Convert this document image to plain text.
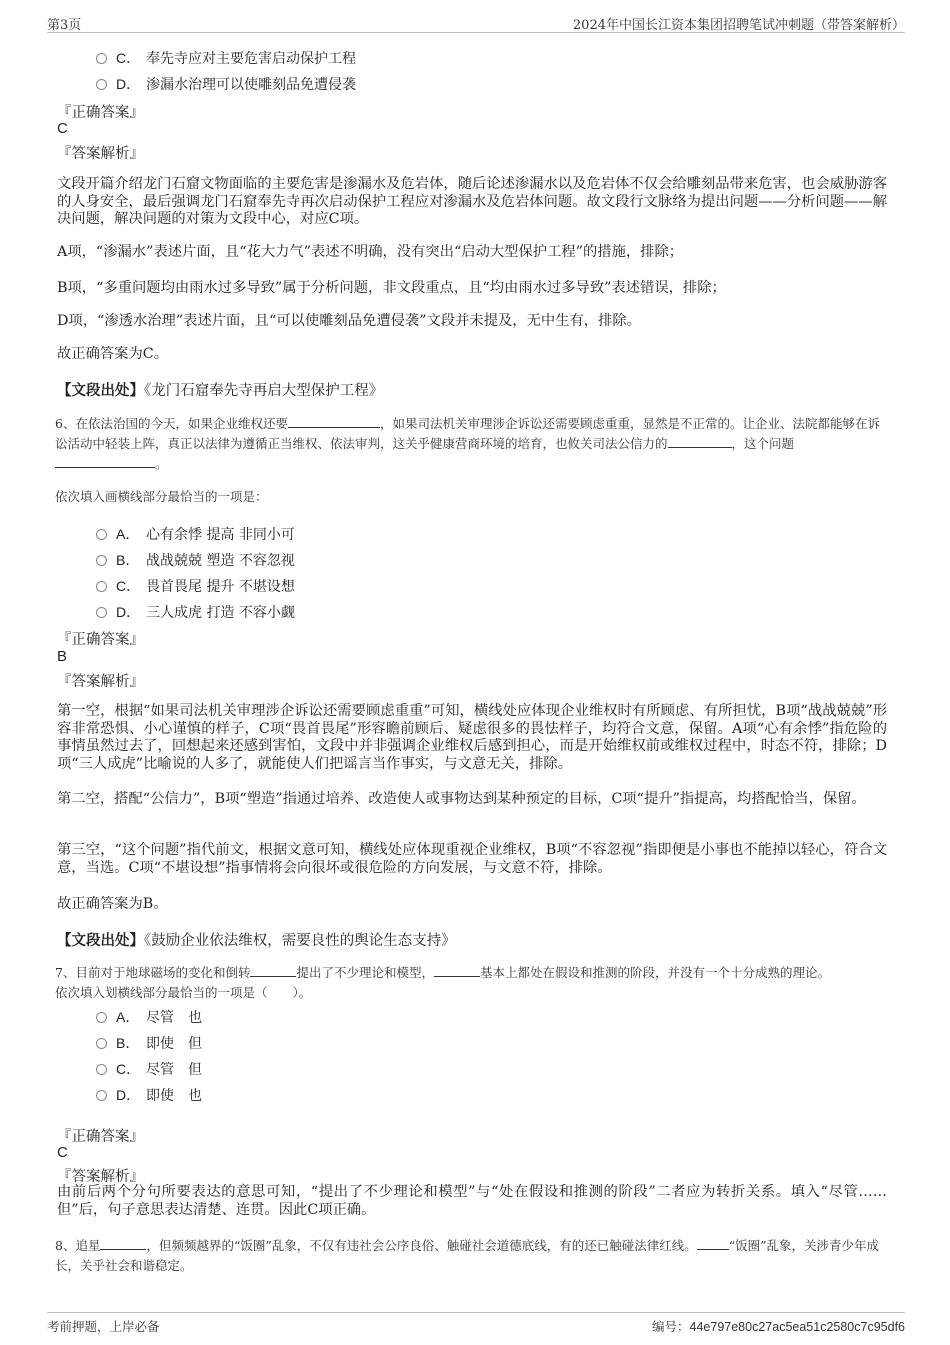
第3页	2024年中国长江资本集团招聘笔试冲刺题（带答案解析）
C． 奉先寺应对主要危害启动保护工程
D． 渗漏水治理可以使雕刻品免遭侵袭
『正确答案』
C
『答案解析』
文段开篇介绍龙门石窟文物面临的主要危害是渗漏水及危岩体，随后论述渗漏水以及危岩体不仅会给雕刻品带来危害，也会威胁游客的人身安全，最后强调龙门石窟奉先寺再次启动保护工程应对渗漏水及危岩体问题。故文段行文脉络为提出问题——分析问题——解决问题，解决问题的对策为文段中心，对应C项。
A项，“渗漏水”表述片面，且“花大力气”表述不明确，没有突出“启动大型保护工程”的措施，排除；
B项，“多重问题均由雨水过多导致”属于分析问题，非文段重点，且“均由雨水过多导致”表述错误，排除；
D项，“渗透水治理”表述片面，且“可以使雕刻品免遭侵袭”文段并未提及，无中生有，排除。
故正确答案为C。
【文段出处】《龙门石窟奉先寺再启大型保护工程》
6、在依法治国的今天，如果企业维权还要	，如果司法机关审理涉企诉讼还需要顾虑重重，显然是不正常的。让企业、法院都能够在诉讼活动中轻装上阵，真正以法律为遵循正当维权、依法审判，这关乎健康营商环境的培育，也攸关司法公信力的	，这个问题。
依次填入画横线部分最恰当的一项是：
A． 心有余悸 提高 非同小可
B． 战战兢兢 塑造 不容忽视
C． 畏首畏尾 提升 不堪设想
D． 三人成虎 打造 不容小觑
『正确答案』
B
『答案解析』
第一空，根据“如果司法机关审理涉企诉讼还需要顾虑重重”可知，横线处应体现企业维权时有所顾虑、有所担忧，B项“战战兢兢”形容非常恐惧、小心谨慎的样子，C项“畏首畏尾”形容瞻前顾后、疑虑很多的畏怯样子，均符合文意，保留。A项“心有余悸”指危险的事情虽然过去了，回想起来还感到害怕，文段中并非强调企业维权后感到担心，而是开始维权前或维权过程中，时态不符，排除；D项“三人成虎”比喻说的人多了，就能使人们把谣言当作事实，与文意无关，排除。
第二空，搭配“公信力”，B项“塑造”指通过培养、改造使人或事物达到某种预定的目标，C项“提升”指提高，均搭配恰当，保留。
第三空，“这个问题”指代前文，根据文意可知，横线处应体现重视企业维权，B项“不容忽视”指即便是小事也不能掉以轻心，符合文意，当选。C项“不堪设想”指事情将会向很坏或很危险的方向发展，与文意不符，排除。
故正确答案为B。
【文段出处】《鼓励企业依法维权，需要良性的舆论生态支持》
7、目前对于地球磁场的变化和倒转	提出了不少理论和模型，	基本上都处在假设和推测的阶段，并没有一个十分成熟的理论。
依次填入划横线部分最恰当的一项是（　　）。
A． 尽管　也
B． 即使　但
C． 尽管　但
D． 即使　也
『正确答案』
C
『答案解析』
由前后两个分句所要表达的意思可知，“提出了不少理论和模型”与“处在假设和推测的阶段”二者应为转折关系。填入“尽管……但”后，句子意思表达清楚、连贯。因此C项正确。
8、追星	，但频频越界的“饭圈”乱象，不仅有违社会公序良俗、触碰社会道德底线，有的还已触碰法律红线。	“饭圈”乱象，关涉青少年成长，关乎社会和谐稳定。
考前押题，上岸必备	编号：44e797e80c27ac5ea51c2580c7c95df6
